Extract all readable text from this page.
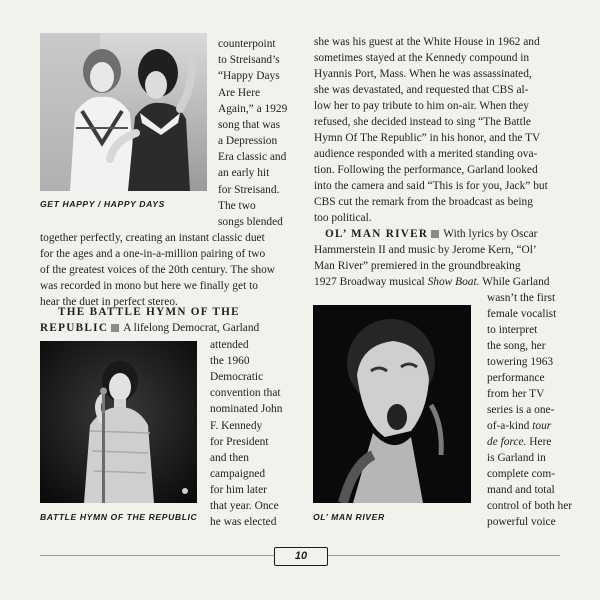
GET HAPPY / HAPPY DAYS
counterpoint
to Streisand’s
“Happy Days
Are Here
Again,” a 1929
song that was
a Depression
Era classic and
an early hit
for Streisand.
The two
songs blended
together perfectly, creating an instant classic duet
for the ages and a one-in-a-million pairing of two
of the greatest voices of the 20th century. The show
was recorded in mono but here we finally get to
hear the duet in perfect stereo.
THE BATTLE HYMN OF THE
REPUBLIC A lifelong Democrat, Garland
BATTLE HYMN OF THE REPUBLIC
attended
the 1960
Democratic
convention that
nominated John
F. Kennedy
for President
and then
campaigned
for him later
that year. Once
he was elected
she was his guest at the White House in 1962 and
sometimes stayed at the Kennedy compound in
Hyannis Port, Mass. When he was assassinated,
she was devastated, and requested that CBS al-
low her to pay tribute to him on-air. When they
refused, she decided instead to sing “The Battle
Hymn Of The Republic” in his honor, and the TV
audience responded with a merited standing ova-
tion. Following the performance, Garland looked
into the camera and said “This is for you, Jack” but
CBS cut the remark from the broadcast as being
too political.
OL’ MAN RIVER With lyrics by Oscar
Hammerstein II and music by Jerome Kern, “Ol’
Man River” premiered in the groundbreaking
1927 Broadway musical Show Boat. While Garland
OL’ MAN RIVER
wasn’t the first
female vocalist
to interpret
the song, her
towering 1963
performance
from her TV
series is a one-
of-a-kind tour
de force. Here
is Garland in
complete com-
mand and total
control of both her
powerful voice
10
